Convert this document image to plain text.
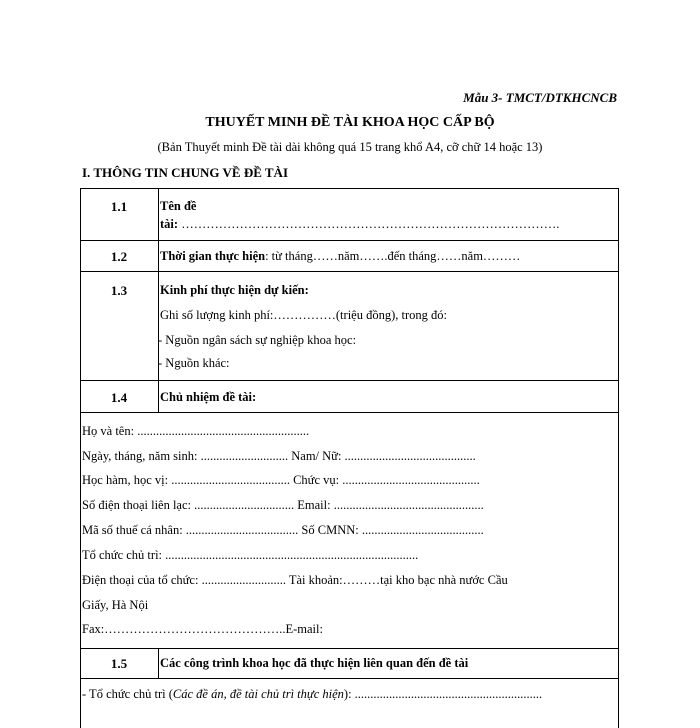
Mẫu 3- TMCT/DTKHCNCB
THUYẾT MINH ĐỀ TÀI KHOA HỌC CẤP BỘ
(Bản Thuyết minh Đề tài dài không quá 15 trang khổ A4, cỡ chữ 14 hoặc 13)
I. THÔNG TIN CHUNG VỀ ĐỀ TÀI
1.1	Tên đề
tài: ……………………………………………………………………………….
1.2	Thời gian thực hiện: từ tháng……năm…….đến tháng……năm………
1.3	Kinh phí thực hiện dự kiến:
Ghi số lượng kinh phí:……………(triệu đồng), trong đó:
- Nguồn ngân sách sự nghiệp khoa học:
- Nguồn khác:
1.4	Chủ nhiệm đề tài:
Họ và tên: .......................................................
Ngày, tháng, năm sinh: ............................ Nam/ Nữ: ..........................................
Học hàm, học vị: ...................................... Chức vụ: ............................................
Số điện thoại liên lạc: ................................ Email: ................................................
Mã số thuế cá nhân: .................................... Số CMNN: .......................................
Tổ chức chủ trì: .................................................................................
Điện thoại của tổ chức: ........................... Tài khoản:………tại kho bạc nhà nước Cầu
Giấy, Hà Nội
Fax:……………………………………..E-mail:
1.5	Các công trình khoa học đã thực hiện liên quan đến đề tài
- Tổ chức chủ trì (Các đề án, đề tài chủ trì thực hiện): ............................................................
